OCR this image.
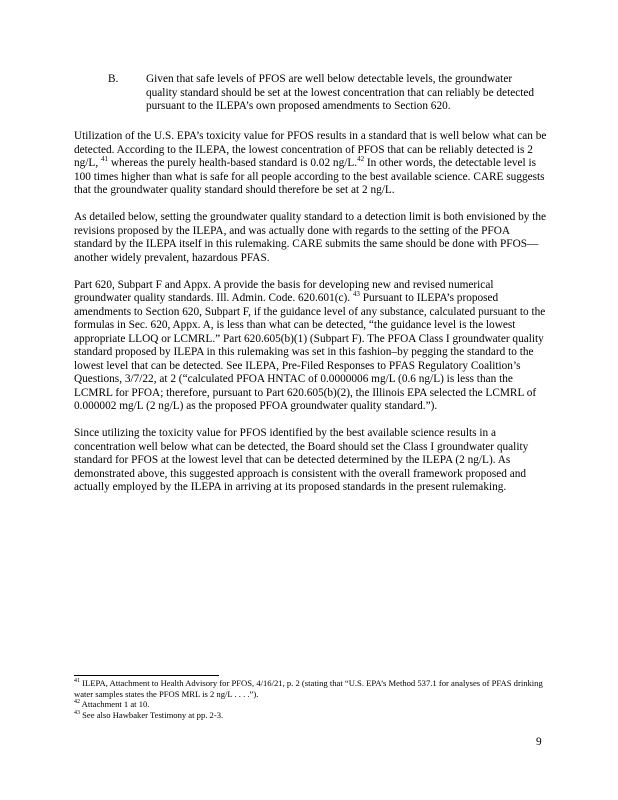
B. Given that safe levels of PFOS are well below detectable levels, the groundwater quality standard should be set at the lowest concentration that can reliably be detected pursuant to the ILEPA’s own proposed amendments to Section 620.

Utilization of the U.S. EPA’s toxicity value for PFOS results in a standard that is well below what can be detected. According to the ILEPA, the lowest concentration of PFOS that can be reliably detected is 2 ng/L, $^{41}$ whereas the purely health-based standard is 0.02 ng/L.$^{42}$ In other words, the detectable level is 100 times higher than what is safe for all people according to the best available science. CARE suggests that the groundwater quality standard should therefore be set at 2 ng/L.

As detailed below, setting the groundwater quality standard to a detection limit is both envisioned by the revisions proposed by the ILEPA, and was actually done with regards to the setting of the PFOA standard by the ILEPA itself in this rulemaking. CARE submits the same should be done with PFOS—another widely prevalent, hazardous PFAS.

Part 620, Subpart F and Appx. A provide the basis for developing new and revised numerical groundwater quality standards. Ill. Admin. Code. 620.601(c). $^{43}$ Pursuant to ILEPA’s proposed amendments to Section 620, Subpart F, if the guidance level of any substance, calculated pursuant to the formulas in Sec. 620, Appx. A, is less than what can be detected, “the guidance level is the lowest appropriate LLOQ or LCMRL.” Part 620.605(b)(1) (Subpart F). The PFOA Class I groundwater quality standard proposed by ILEPA in this rulemaking was set in this fashion–by pegging the standard to the lowest level that can be detected. See ILEPA, Pre-Filed Responses to PFAS Regulatory Coalition’s Questions, 3/7/22, at 2 (“calculated PFOA HNTAC of 0.0000006 mg/L (0.6 ng/L) is less than the LCMRL for PFOA; therefore, pursuant to Part 620.605(b)(2), the Illinois EPA selected the LCMRL of 0.000002 mg/L (2 ng/L) as the proposed PFOA groundwater quality standard.”).

Since utilizing the toxicity value for PFOS identified by the best available science results in a concentration well below what can be detected, the Board should set the Class I groundwater quality standard for PFOS at the lowest level that can be detected determined by the ILEPA (2 ng/L). As demonstrated above, this suggested approach is consistent with the overall framework proposed and actually employed by the ILEPA in arriving at its proposed standards in the present rulemaking.

$^{41}$ ILEPA, Attachment to Health Advisory for PFOS, 4/16/21, p. 2 (stating that “U.S. EPA’s Method 537.1 for analyses of PFAS drinking water samples states the PFOS MRL is 2 ng/L . . . .”).

$^{42}$ Attachment 1 at 10.

$^{43}$ See also Hawbaker Testimony at pp. 2-3.

9
